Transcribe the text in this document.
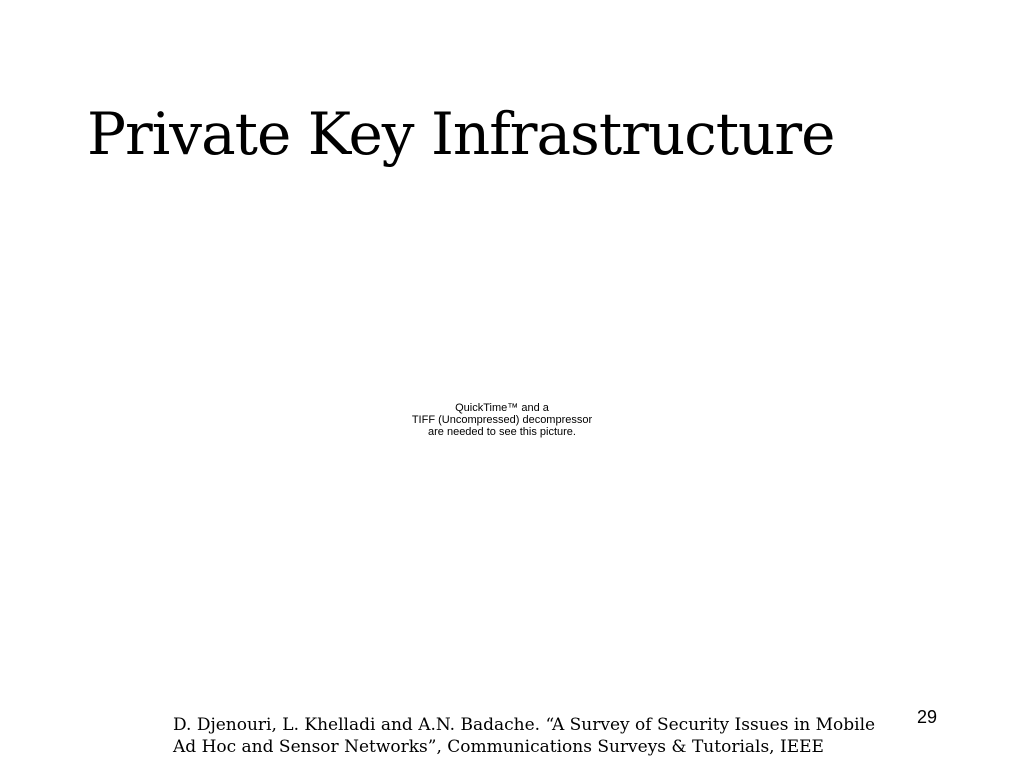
Private Key Infrastructure
QuickTime™ and a
TIFF (Uncompressed) decompressor
are needed to see this picture.
29
D. Djenouri, L. Khelladi and A.N. Badache. “A Survey of Security Issues in Mobile
Ad Hoc and Sensor Networks”, Communications Surveys & Tutorials, IEEE
